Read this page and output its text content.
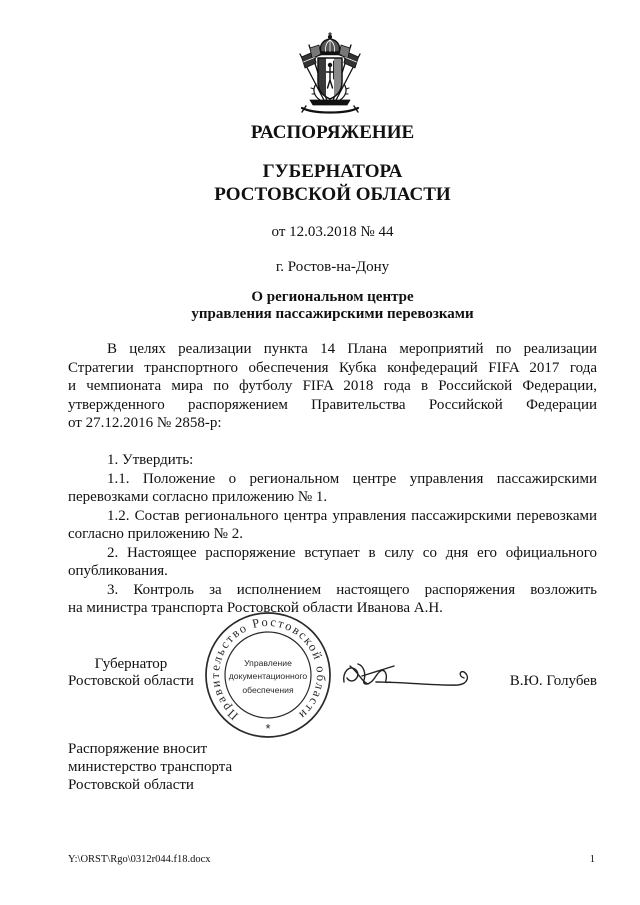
РАСПОРЯЖЕНИЕ
ГУБЕРНАТОРА
РОСТОВСКОЙ ОБЛАСТИ
от 12.03.2018 № 44
г. Ростов-на-Дону
О региональном центре
управления пассажирскими перевозками
В целях реализации пункта 14 Плана мероприятий по реализации
Стратегии транспортного обеспечения Кубка конфедераций FIFA 2017 года
и чемпионата мира по футболу FIFA 2018 года в Российской Федерации,
утвержденного распоряжением Правительства Российской Федерации
от 27.12.2016 № 2858-р:
1. Утвердить:
1.1. Положение о региональном центре управления пассажирскими
перевозками согласно приложению № 1.
1.2. Состав регионального центра управления пассажирскими перевозками
согласно приложению № 2.
2. Настоящее распоряжение вступает в силу со дня его официального
опубликования.
3. Контроль за исполнением настоящего распоряжения возложить
на министра транспорта Ростовской области Иванова А.Н.
Губернатор
Ростовской области
Правительство Ростовской области
Управление
документационного
обеспечения
*
В.Ю. Голубев
Распоряжение вносит
министерство транспорта
Ростовской области
Y:\ORST\Rgo\0312r044.f18.docx	1
